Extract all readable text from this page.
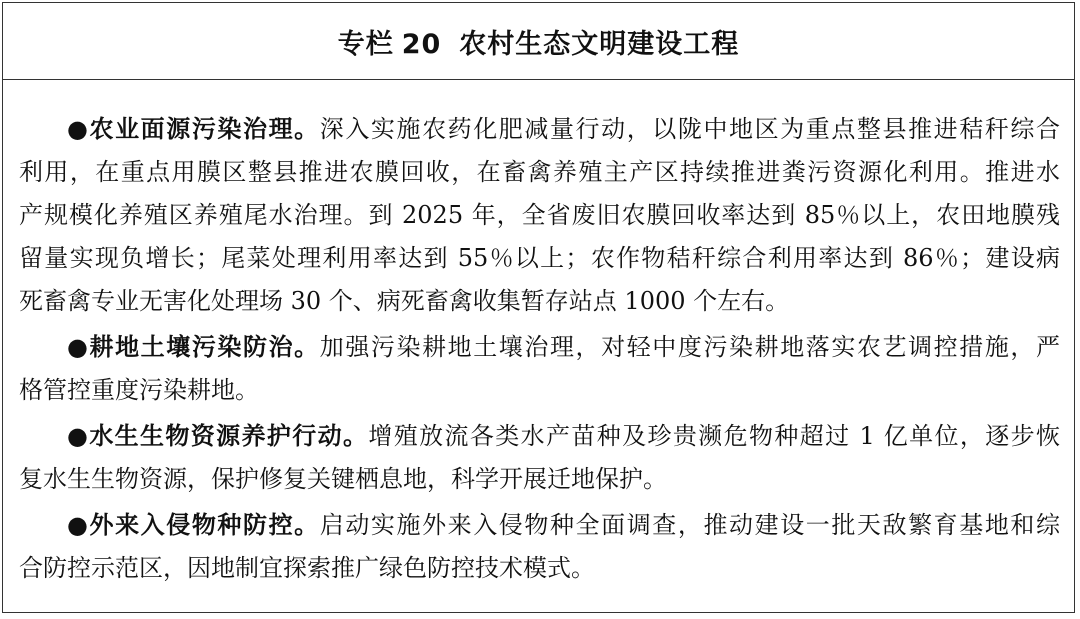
专栏 20 农村生态文明建设工程
●农业面源污染治理。深入实施农药化肥减量行动，以陇中地区为重点整县推进秸秆综合
利用，在重点用膜区整县推进农膜回收，在畜禽养殖主产区持续推进粪污资源化利用。推进水
产规模化养殖区养殖尾水治理。到 2025 年，全省废旧农膜回收率达到 85％以上，农田地膜残
留量实现负增长；尾菜处理利用率达到 55％以上；农作物秸秆综合利用率达到 86％；建设病
死畜禽专业无害化处理场 30 个、病死畜禽收集暂存站点 1000 个左右。
●耕地土壤污染防治。加强污染耕地土壤治理，对轻中度污染耕地落实农艺调控措施，严
格管控重度污染耕地。
●水生生物资源养护行动。增殖放流各类水产苗种及珍贵濒危物种超过 1 亿单位，逐步恢
复水生生物资源，保护修复关键栖息地，科学开展迁地保护。
●外来入侵物种防控。启动实施外来入侵物种全面调查，推动建设一批天敌繁育基地和综
合防控示范区，因地制宜探索推广绿色防控技术模式。
